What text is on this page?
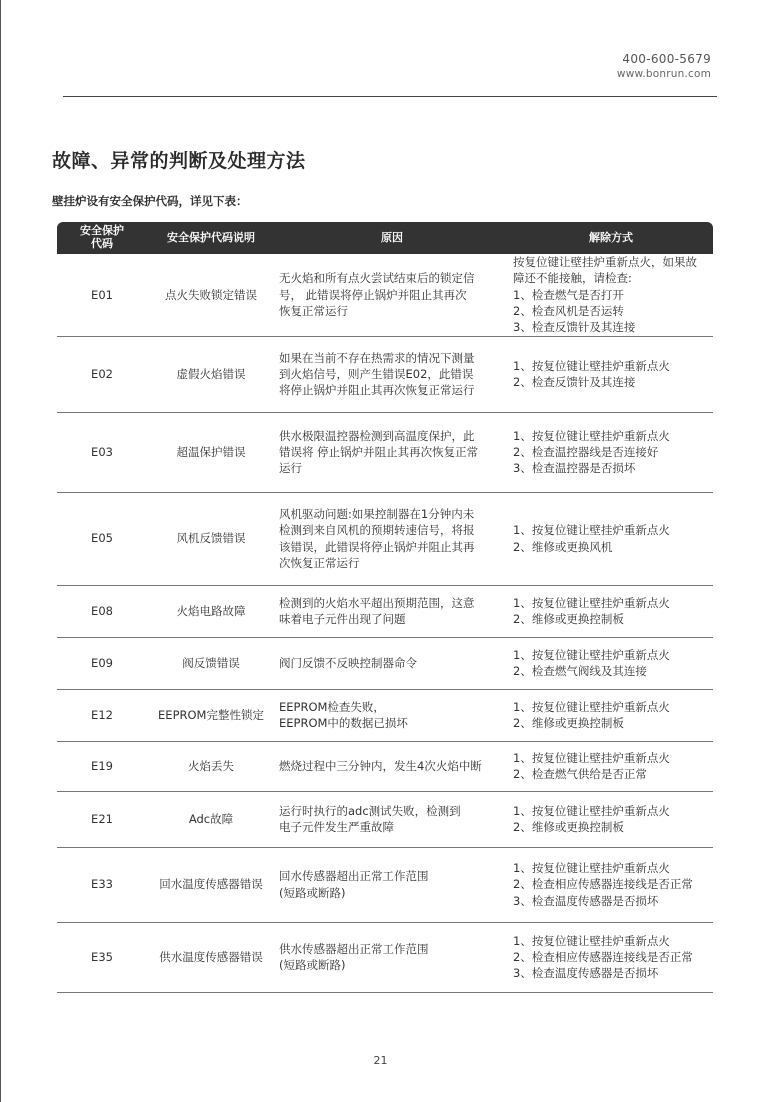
400-600-5679
www.bonrun.com
故障、异常的判断及处理方法
壁挂炉设有安全保护代码，详见下表：
安全保护
代码	安全保护代码说明	原因	解除方式
E01	点火失败锁定错误	无火焰和所有点火尝试结束后的锁定信
号， 此错误将停止锅炉并阻止其再次
恢复正常运行	按复位键让壁挂炉重新点火，如果故
障还不能接触，请检查:
1、检查燃气是否打开
2、检查风机是否运转
3、检查反馈针及其连接

E02	虚假火焰错误	如果在当前不存在热需求的情况下测量
到火焰信号，则产生错误E02，此错误
将停止锅炉并阻止其再次恢复正常运行	1、按复位键让壁挂炉重新点火
2、检查反馈针及其连接

E03	超温保护错误	供水极限温控器检测到高温度保护，此
错误将 停止锅炉并阻止其再次恢复正常
运行	1、按复位键让壁挂炉重新点火
2、检查温控器线是否连接好
3、检查温控器是否损坏

E05	风机反馈错误	风机驱动问题:如果控制器在1分钟内未
检测到来自风机的预期转速信号，将报
该错误，此错误将停止锅炉并阻止其再
次恢复正常运行	1、按复位键让壁挂炉重新点火
2、维修或更换风机

E08	火焰电路故障	检测到的火焰水平超出预期范围，这意
味着电子元件出现了问题	1、按复位键让壁挂炉重新点火
2、维修或更换控制板

E09	阀反馈错误	阀门反馈不反映控制器命令	1、按复位键让壁挂炉重新点火
2、检查燃气阀线及其连接

E12	EEPROM完整性锁定	EEPROM检查失败，
EEPROM中的数据已损坏	1、按复位键让壁挂炉重新点火
2、维修或更换控制板

E19	火焰丢失	燃烧过程中三分钟内，发生4次火焰中断	1、按复位键让壁挂炉重新点火
2、检查燃气供给是否正常

E21	Adc故障	运行时执行的adc测试失败，检测到
电子元件发生严重故障	1、按复位键让壁挂炉重新点火
2、维修或更换控制板

E33	回水温度传感器错误	回水传感器超出正常工作范围
(短路或断路)	1、按复位键让壁挂炉重新点火
2、检查相应传感器连接线是否正常
3、检查温度传感器是否损坏

E35	供水温度传感器错误	供水传感器超出正常工作范围
(短路或断路)	1、按复位键让壁挂炉重新点火
2、检查相应传感器连接线是否正常
3、检查温度传感器是否损坏
21
